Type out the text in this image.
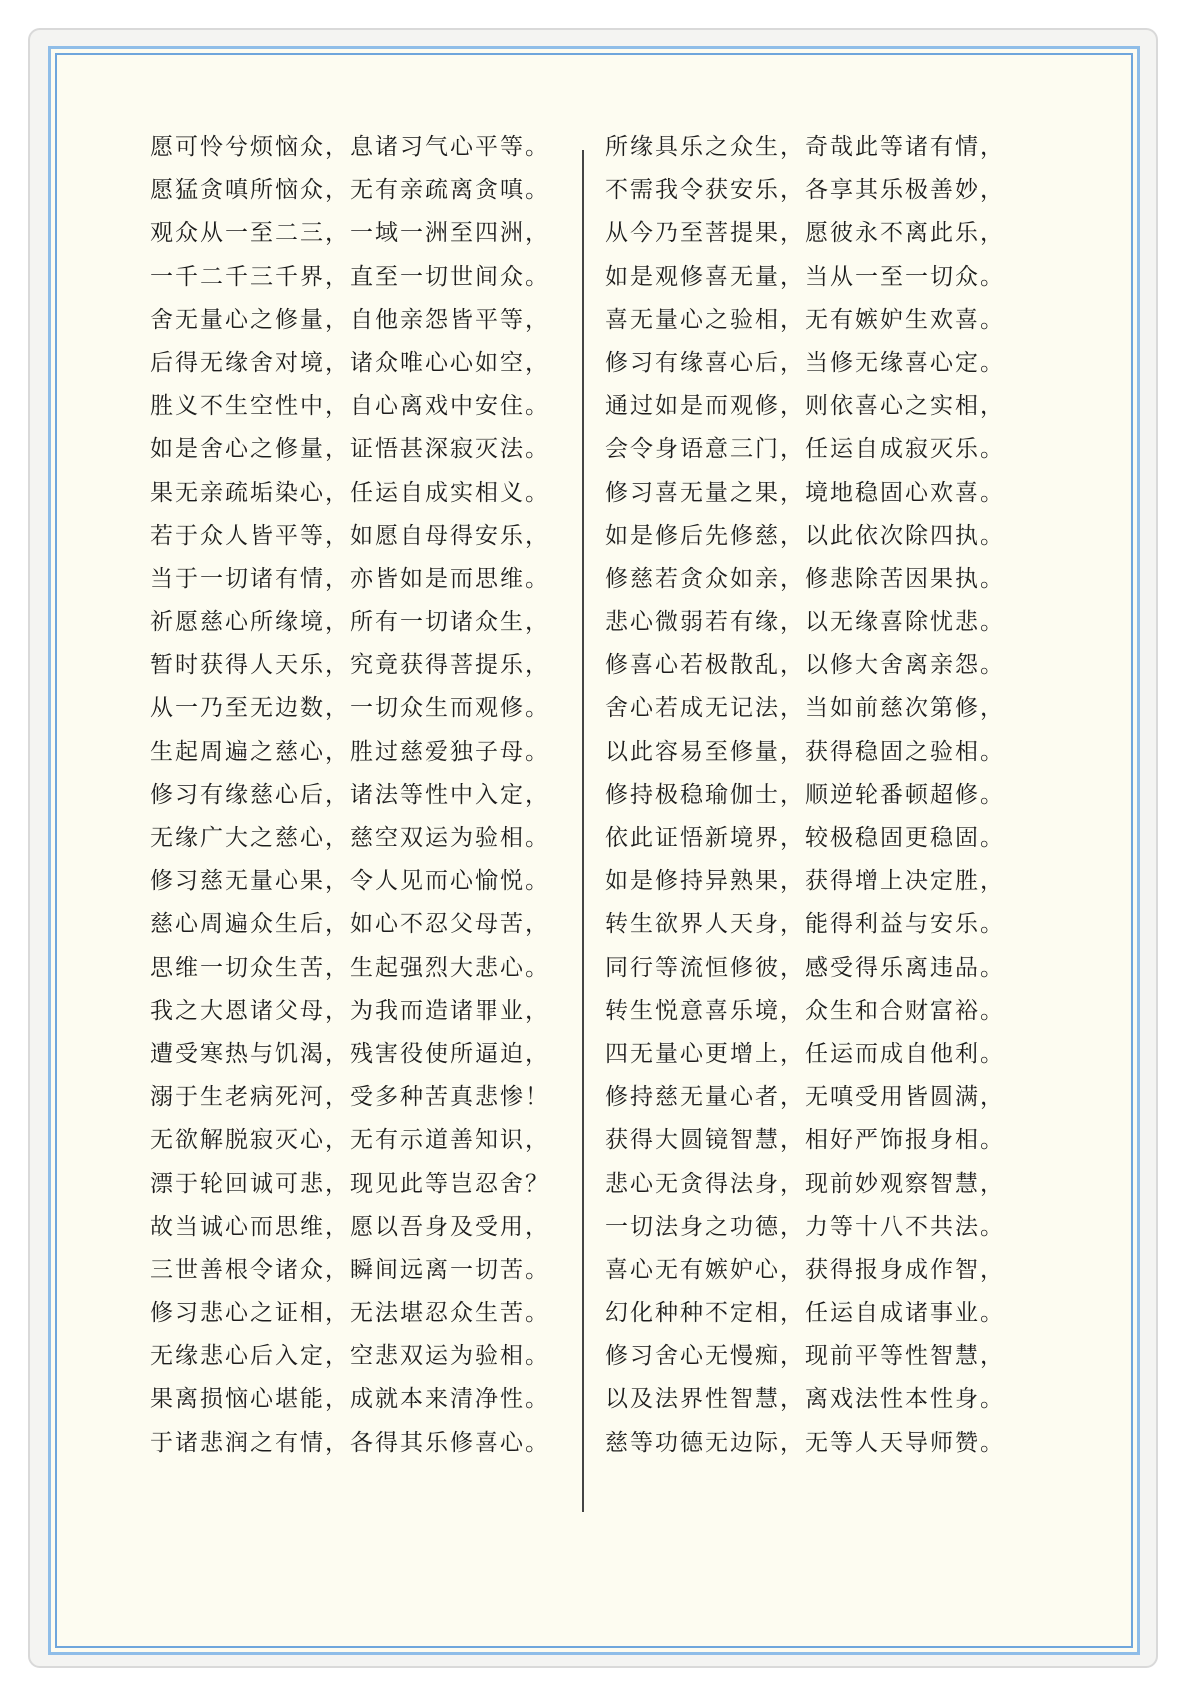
愿可怜兮烦恼众，息诸习气心平等。
愿猛贪嗔所恼众，无有亲疏离贪嗔。
观众从一至二三，一域一洲至四洲，
一千二千三千界，直至一切世间众。
舍无量心之修量，自他亲怨皆平等，
后得无缘舍对境，诸众唯心心如空，
胜义不生空性中，自心离戏中安住。
如是舍心之修量，证悟甚深寂灭法。
果无亲疏垢染心，任运自成实相义。
若于众人皆平等，如愿自母得安乐，
当于一切诸有情，亦皆如是而思维。
祈愿慈心所缘境，所有一切诸众生，
暂时获得人天乐，究竟获得菩提乐，
从一乃至无边数，一切众生而观修。
生起周遍之慈心，胜过慈爱独子母。
修习有缘慈心后，诸法等性中入定，
无缘广大之慈心，慈空双运为验相。
修习慈无量心果，令人见而心愉悦。
慈心周遍众生后，如心不忍父母苦，
思维一切众生苦，生起强烈大悲心。
我之大恩诸父母，为我而造诸罪业，
遭受寒热与饥渴，残害役使所逼迫，
溺于生老病死河，受多种苦真悲惨！
无欲解脱寂灭心，无有示道善知识，
漂于轮回诚可悲，现见此等岂忍舍？
故当诚心而思维，愿以吾身及受用，
三世善根令诸众，瞬间远离一切苦。
修习悲心之证相，无法堪忍众生苦。
无缘悲心后入定，空悲双运为验相。
果离损恼心堪能，成就本来清净性。
于诸悲润之有情，各得其乐修喜心。
所缘具乐之众生，奇哉此等诸有情，
不需我令获安乐，各享其乐极善妙，
从今乃至菩提果，愿彼永不离此乐，
如是观修喜无量，当从一至一切众。
喜无量心之验相，无有嫉妒生欢喜。
修习有缘喜心后，当修无缘喜心定。
通过如是而观修，则依喜心之实相，
会令身语意三门，任运自成寂灭乐。
修习喜无量之果，境地稳固心欢喜。
如是修后先修慈，以此依次除四执。
修慈若贪众如亲，修悲除苦因果执。
悲心微弱若有缘，以无缘喜除忧悲。
修喜心若极散乱，以修大舍离亲怨。
舍心若成无记法，当如前慈次第修，
以此容易至修量，获得稳固之验相。
修持极稳瑜伽士，顺逆轮番顿超修。
依此证悟新境界，较极稳固更稳固。
如是修持异熟果，获得增上决定胜，
转生欲界人天身，能得利益与安乐。
同行等流恒修彼，感受得乐离违品。
转生悦意喜乐境，众生和合财富裕。
四无量心更增上，任运而成自他利。
修持慈无量心者，无嗔受用皆圆满，
获得大圆镜智慧，相好严饰报身相。
悲心无贪得法身，现前妙观察智慧，
一切法身之功德，力等十八不共法。
喜心无有嫉妒心，获得报身成作智，
幻化种种不定相，任运自成诸事业。
修习舍心无慢痴，现前平等性智慧，
以及法界性智慧，离戏法性本性身。
慈等功德无边际，无等人天导师赞。
